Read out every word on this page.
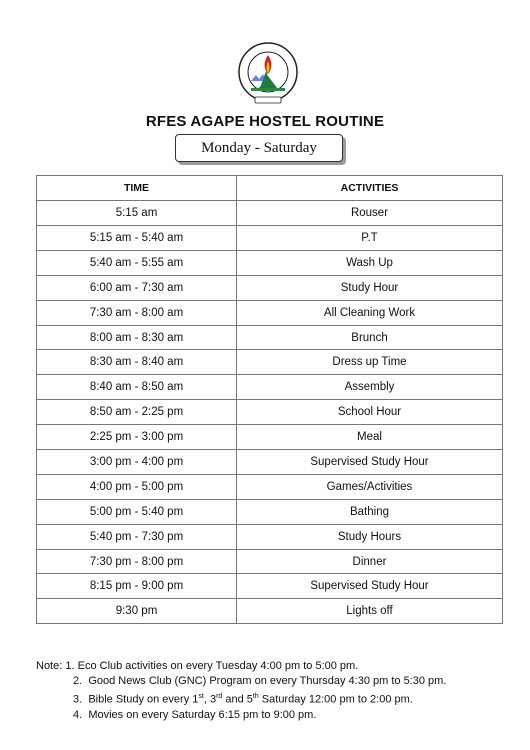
RFES AGAPE HOSTEL ROUTINE
Monday - Saturday
TIME	ACTIVITIES
5:15 am	Rouser
5:15 am - 5:40 am	P.T
5:40 am - 5:55 am	Wash Up
6:00 am - 7:30 am	Study Hour
7:30 am - 8:00 am	All Cleaning Work
8:00 am - 8:30 am	Brunch
8:30 am - 8:40 am	Dress up Time
8:40 am - 8:50 am	Assembly
8:50 am - 2:25 pm	School Hour
2:25 pm - 3:00 pm	Meal
3:00 pm - 4:00 pm	Supervised Study Hour
4:00 pm - 5:00 pm	Games/Activities
5:00 pm - 5:40 pm	Bathing
5:40 pm - 7:30 pm	Study Hours
7:30 pm - 8:00 pm	Dinner
8:15 pm - 9:00 pm	Supervised Study Hour
9:30 pm	Lights off
Note: 1. Eco Club activities on every Tuesday 4:00 pm to 5:00 pm.
2. Good News Club (GNC) Program on every Thursday 4:30 pm to 5:30 pm.
3. Bible Study on every 1st, 3rd and 5th Saturday 12:00 pm to 2:00 pm.
4. Movies on every Saturday 6:15 pm to 9:00 pm.
